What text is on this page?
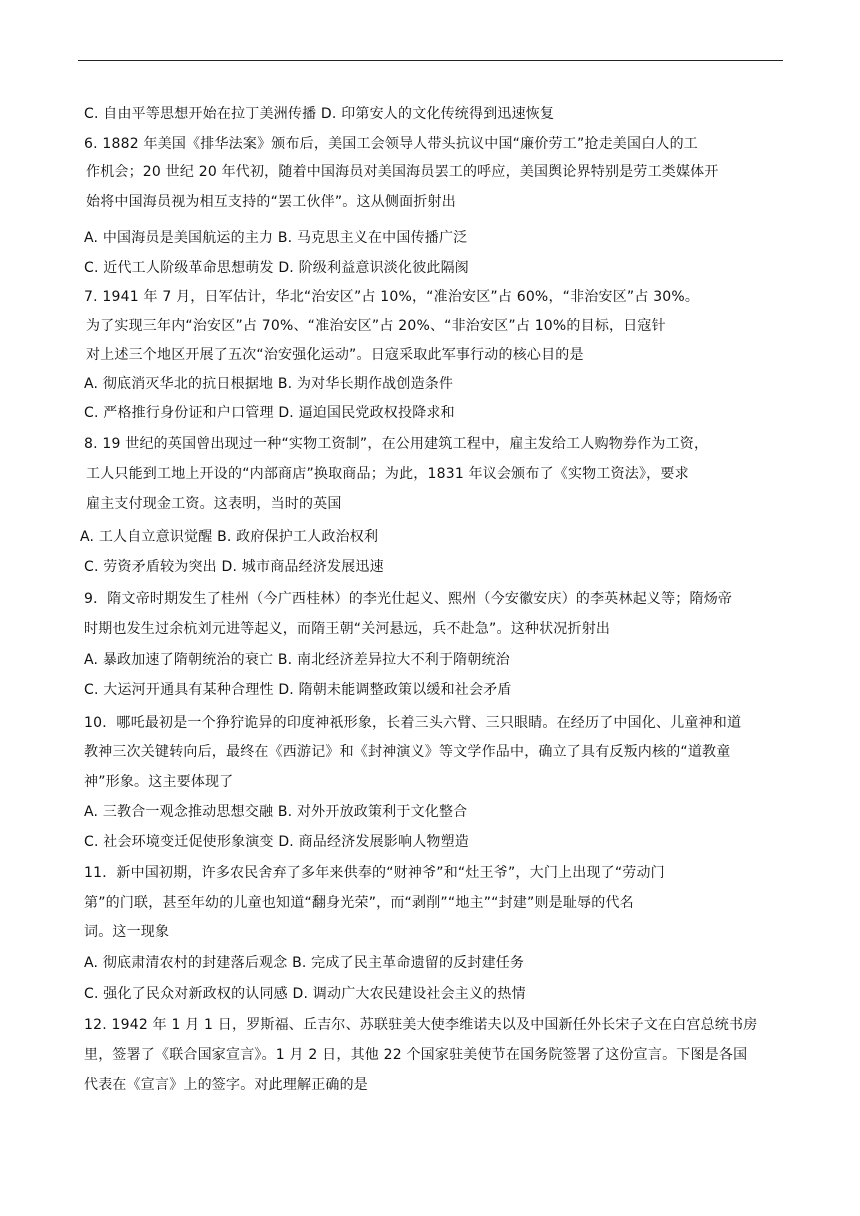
C. 自由平等思想开始在拉丁美洲传播 D. 印第安人的文化传统得到迅速恢复
6. 1882 年美国《排华法案》颁布后，美国工会领导人带头抗议中国“廉价劳工”抢走美国白人的工
作机会；20 世纪 20 年代初，随着中国海员对美国海员罢工的呼应，美国舆论界特别是劳工类媒体开
始将中国海员视为相互支持的“罢工伙伴”。这从侧面折射出
A. 中国海员是美国航运的主力 B. 马克思主义在中国传播广泛
C. 近代工人阶级革命思想萌发 D. 阶级利益意识淡化彼此隔阂
7. 1941 年 7 月，日军估计，华北“治安区”占 10%，“准治安区”占 60%，“非治安区”占 30%。
为了实现三年内“治安区”占 70%、“准治安区”占 20%、“非治安区”占 10%的目标，日寇针
对上述三个地区开展了五次“治安强化运动”。日寇采取此军事行动的核心目的是
A. 彻底消灭华北的抗日根据地 B. 为对华长期作战创造条件
C. 严格推行身份证和户口管理 D. 逼迫国民党政权投降求和
8. 19 世纪的英国曾出现过一种“实物工资制”，在公用建筑工程中，雇主发给工人购物券作为工资，
工人只能到工地上开设的“内部商店”换取商品；为此，1831 年议会颁布了《实物工资法》，要求
雇主支付现金工资。这表明，当时的英国
A. 工人自立意识觉醒 B. 政府保护工人政治权利
C. 劳资矛盾较为突出 D. 城市商品经济发展迅速
9．隋文帝时期发生了桂州（今广西桂林）的李光仕起义、熙州（今安徽安庆）的李英林起义等；隋炀帝
时期也发生过余杭刘元进等起义，而隋王朝“关河悬远，兵不赴急”。这种状况折射出
A. 暴政加速了隋朝统治的衰亡 B. 南北经济差异拉大不利于隋朝统治
C. 大运河开通具有某种合理性 D. 隋朝未能调整政策以缓和社会矛盾
10．哪吒最初是一个狰狞诡异的印度神祇形象，长着三头六臂、三只眼睛。在经历了中国化、儿童神和道
教神三次关键转向后，最终在《西游记》和《封神演义》等文学作品中，确立了具有反叛内核的“道教童
神”形象。这主要体现了
A. 三教合一观念推动思想交融 B. 对外开放政策利于文化整合
C. 社会环境变迁促使形象演变 D. 商品经济发展影响人物塑造
11．新中国初期，许多农民舍弃了多年来供奉的“财神爷”和“灶王爷”，大门上出现了“劳动门
第”的门联，甚至年幼的儿童也知道“翻身光荣”，而“剥削”“地主”“封建”则是耻辱的代名
词。这一现象
A. 彻底肃清农村的封建落后观念 B. 完成了民主革命遗留的反封建任务
C. 强化了民众对新政权的认同感 D. 调动广大农民建设社会主义的热情
12. 1942 年 1 月 1 日，罗斯福、丘吉尔、苏联驻美大使李维诺夫以及中国新任外长宋子文在白宫总统书房
里，签署了《联合国家宣言》。1 月 2 日，其他 22 个国家驻美使节在国务院签署了这份宣言。下图是各国
代表在《宣言》上的签字。对此理解正确的是
